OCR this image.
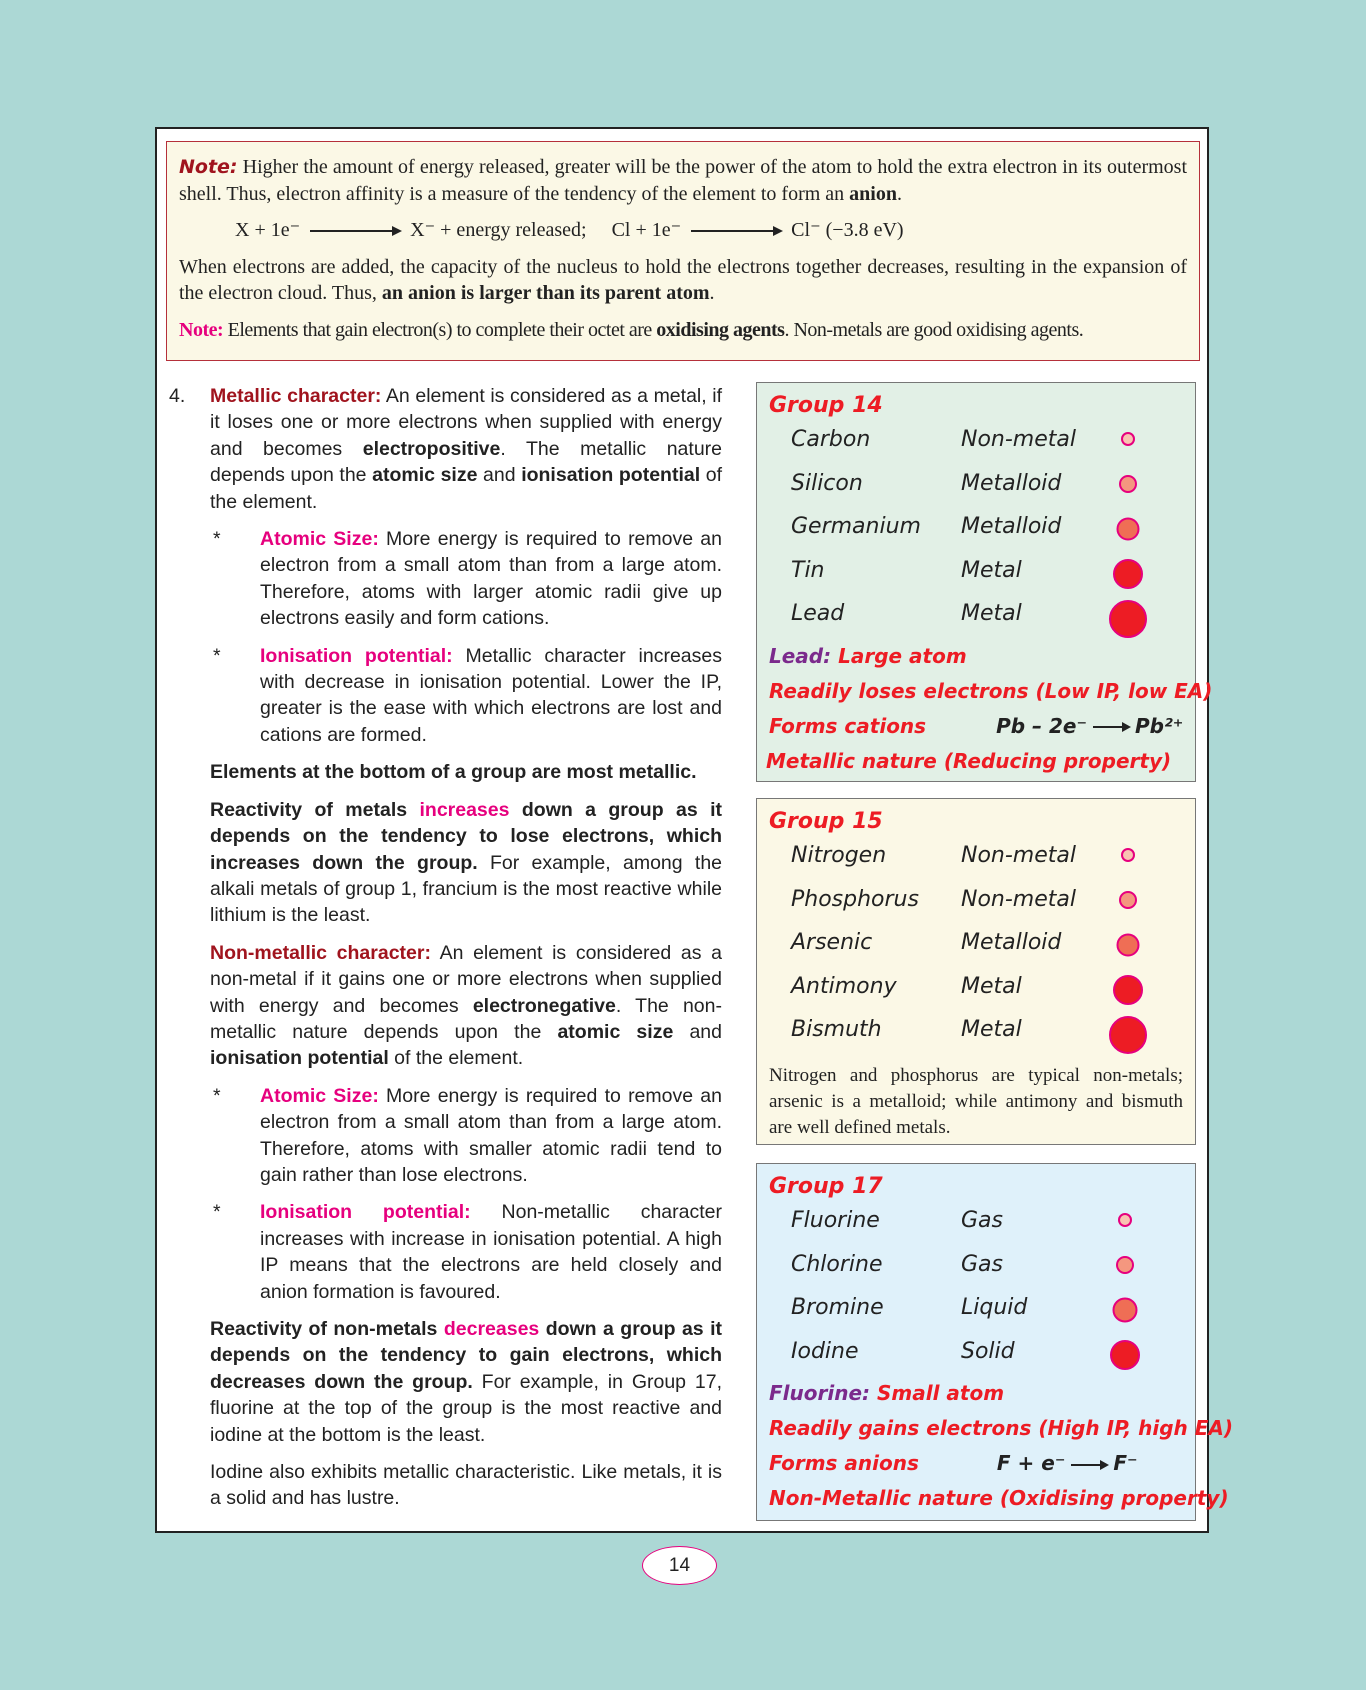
Note: Higher the amount of energy released, greater will be the power of the atom to hold the extra electron in its outermost shell. Thus, electron affinity is a measure of the tendency of the element to form an anion.

X + 1e⁻	X⁻ + energy released; Cl + 1e⁻	Cl⁻ (−3.8 eV)

When electrons are added, the capacity of the nucleus to hold the electrons together decreases, resulting in the expansion of the electron cloud. Thus, an anion is larger than its parent atom.

Note: Elements that gain electron(s) to complete their octet are oxidising agents. Non-metals are good oxidising agents.

4. Metallic character: An element is considered as a metal, if it loses one or more electrons when supplied with energy and becomes electropositive. The metallic nature depends upon the atomic size and ionisation potential of the element.
* Atomic Size: More energy is required to remove an electron from a small atom than from a large atom. Therefore, atoms with larger atomic radii give up electrons easily and form cations.
* Ionisation potential: Metallic character increases with decrease in ionisation potential. Lower the IP, greater is the ease with which electrons are lost and cations are formed.
Elements at the bottom of a group are most metallic.
Reactivity of metals increases down a group as it depends on the tendency to lose electrons, which increases down the group. For example, among the alkali metals of group 1, francium is the most reactive while lithium is the least.
Non-metallic character: An element is considered as a non-metal if it gains one or more electrons when supplied with energy and becomes electronegative. The non-metallic nature depends upon the atomic size and ionisation potential of the element.
* Atomic Size: More energy is required to remove an electron from a small atom than from a large atom. Therefore, atoms with smaller atomic radii tend to gain rather than lose electrons.
* Ionisation potential: Non-metallic character increases with increase in ionisation potential. A high IP means that the electrons are held closely and anion formation is favoured.
Reactivity of non-metals decreases down a group as it depends on the tendency to gain electrons, which decreases down the group. For example, in Group 17, fluorine at the top of the group is the most reactive and iodine at the bottom is the least.
Iodine also exhibits metallic characteristic. Like metals, it is a solid and has lustre.
Group 14
Carbon	Non-metal
Silicon	Metalloid
Germanium Metalloid
Tin	Metal
Lead	Metal
Lead: Large atom
Readily loses electrons (Low IP, low EA)
Forms cations	Pb – 2e⁻ Pb²⁺
Metallic nature (Reducing property)
Group 15
Nitrogen	Non-metal
Phosphorus Non-metal
Arsenic	Metalloid
Antimony	Metal
Bismuth	Metal
Nitrogen and phosphorus are typical non-metals; arsenic is a metalloid; while antimony and bismuth are well defined metals.
Group 17
Fluorine	Gas
Chlorine	Gas
Bromine	Liquid
Iodine	Solid
Fluorine: Small atom
Readily gains electrons (High IP, high EA)
Forms anions	F + e⁻ F⁻
Non-Metallic nature (Oxidising property)
14
